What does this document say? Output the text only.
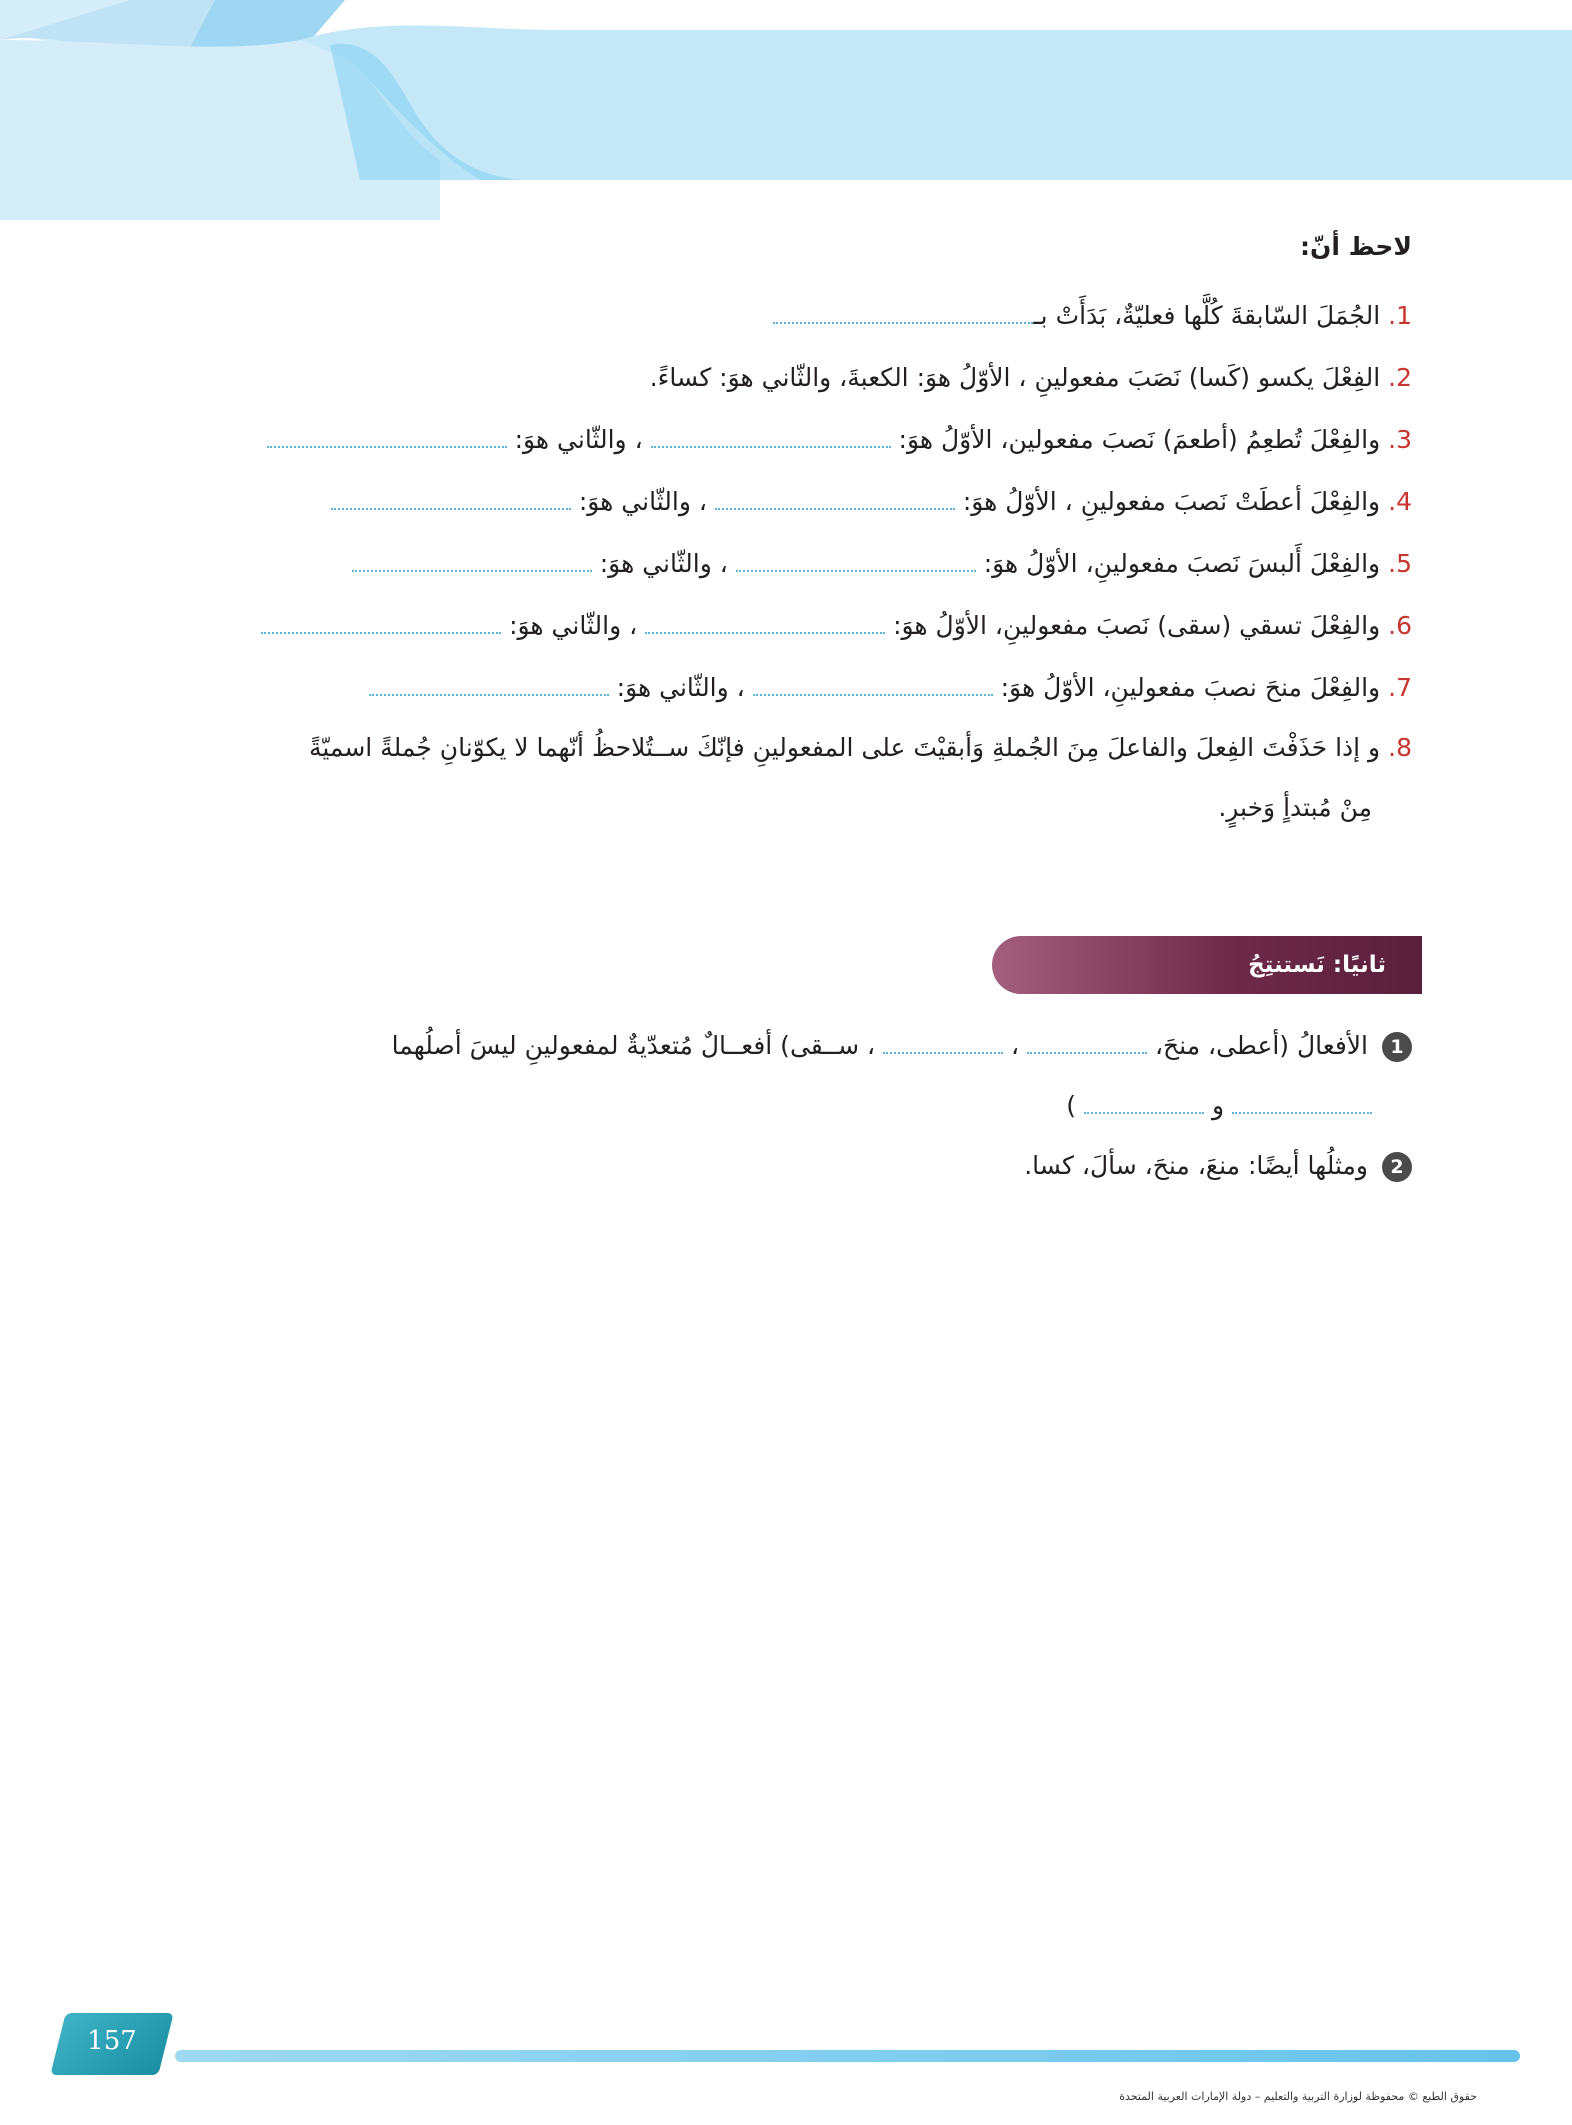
لاحظ أنّ:
1.الجُمَلَ السّابقةَ كُلَّها فعليّةٌ، بَدَأَتْ بـ
2.الفِعْلَ يكسو (كَسا) نَصَبَ مفعولينِ ، الأوّلُ هوَ: الكعبةَ، والثّاني هوَ: كساءً.
3.والفِعْلَ تُطعِمُ (أطعمَ) نَصبَ مفعولين، الأوّلُ هوَ:  ، والثّاني هوَ:
4.والفِعْلَ أعطَتْ نَصبَ مفعولينِ ، الأوّلُ هوَ:  ، والثّاني هوَ:
5.والفِعْلَ أَلبسَ نَصبَ مفعولينِ، الأوّلُ هوَ:  ، والثّاني هوَ:
6.والفِعْلَ تسقي (سقى) نَصبَ مفعولينِ، الأوّلُ هوَ:  ، والثّاني هوَ:
7.والفِعْلَ منحَ نصبَ مفعولينِ، الأوّلُ هوَ:  ، والثّاني هوَ:
8.و إذا حَذَفْتَ الفِعلَ والفاعلَ مِنَ الجُملةِ وَأبقيْتَ على المفعولينِ فإنّكَ ســتُلاحظُ أنّهما لا يكوّنانِ جُملةً اسميّةً
مِنْ مُبتدأٍ وَخبرٍ.
ثانيًا: نَستنتِجُ
1الأفعالُ (أعطى، منحَ،  ،  ، ســقى) أفعــالٌ مُتعدّيةٌ لمفعولينِ ليسَ أصلُهما
و  )
2ومثلُها أيضًا: منعَ، منحَ، سألَ، كسا.
157
حقوق الطبع © محفوظة لوزارة التربية والتعليم – دولة الإمارات العربية المتحدة
